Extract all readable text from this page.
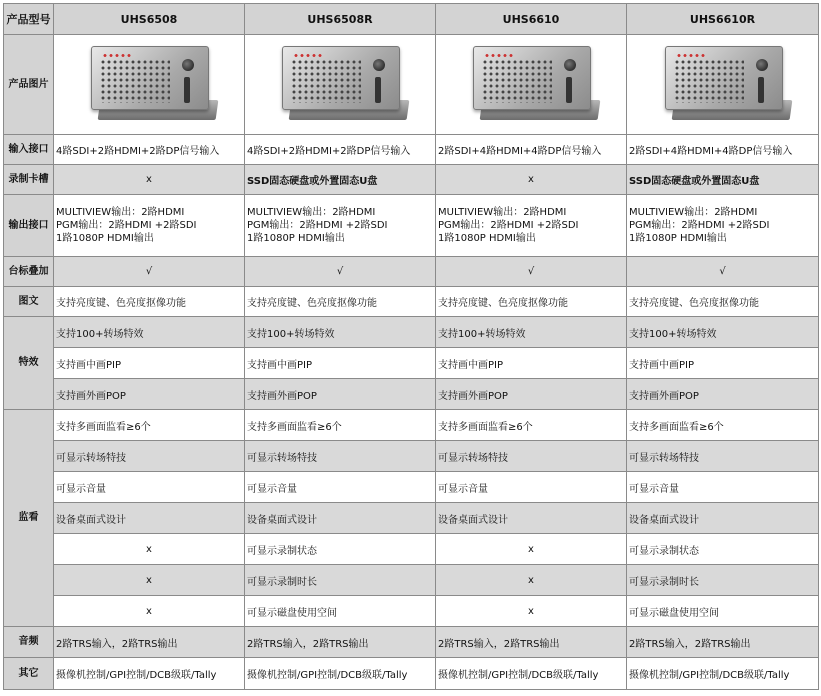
产品型号	UHS6508	UHS6508R	UHS6610	UHS6610R
产品图片	

输入接口	4路SDI+2路HDMI+2路DP信号输入	4路SDI+2路HDMI+2路DP信号输入	2路SDI+4路HDMI+4路DP信号输入	2路SDI+4路HDMI+4路DP信号输入
录制卡槽	x	SSD固态硬盘或外置固态U盘	x	SSD固态硬盘或外置固态U盘
输出接口	MULTIVIEW输出：2路HDMI
PGM输出：2路HDMI +2路SDI
1路1080P HDMI输出	MULTIVIEW输出：2路HDMI
PGM输出：2路HDMI +2路SDI
1路1080P HDMI输出	MULTIVIEW输出：2路HDMI
PGM输出：2路HDMI +2路SDI
1路1080P HDMI输出	MULTIVIEW输出：2路HDMI
PGM输出：2路HDMI +2路SDI
1路1080P HDMI输出

台标叠加	√	√	√	√
图文	支持亮度键、色亮度抠像功能	支持亮度键、色亮度抠像功能	支持亮度键、色亮度抠像功能	支持亮度键、色亮度抠像功能
特效	支持100+转场特效	支持100+转场特效	支持100+转场特效	支持100+转场特效
	支持画中画PIP	支持画中画PIP	支持画中画PIP	支持画中画PIP
	支持画外画POP	支持画外画POP	支持画外画POP	支持画外画POP
监看	支持多画面监看≥6个	支持多画面监看≥6个	支持多画面监看≥6个	支持多画面监看≥6个
	可显示转场特技	可显示转场特技	可显示转场特技	可显示转场特技
	可显示音量	可显示音量	可显示音量	可显示音量
	设备桌面式设计	设备桌面式设计	设备桌面式设计	设备桌面式设计
	x	可显示录制状态	x	可显示录制状态
	x	可显示录制时长	x	可显示录制时长
	x	可显示磁盘使用空间	x	可显示磁盘使用空间
音频	2路TRS输入，2路TRS输出	2路TRS输入，2路TRS输出	2路TRS输入，2路TRS输出	2路TRS输入，2路TRS输出
其它	摄像机控制/GPI控制/DCB级联/Tally	摄像机控制/GPI控制/DCB级联/Tally	摄像机控制/GPI控制/DCB级联/Tally	摄像机控制/GPI控制/DCB级联/Tally
